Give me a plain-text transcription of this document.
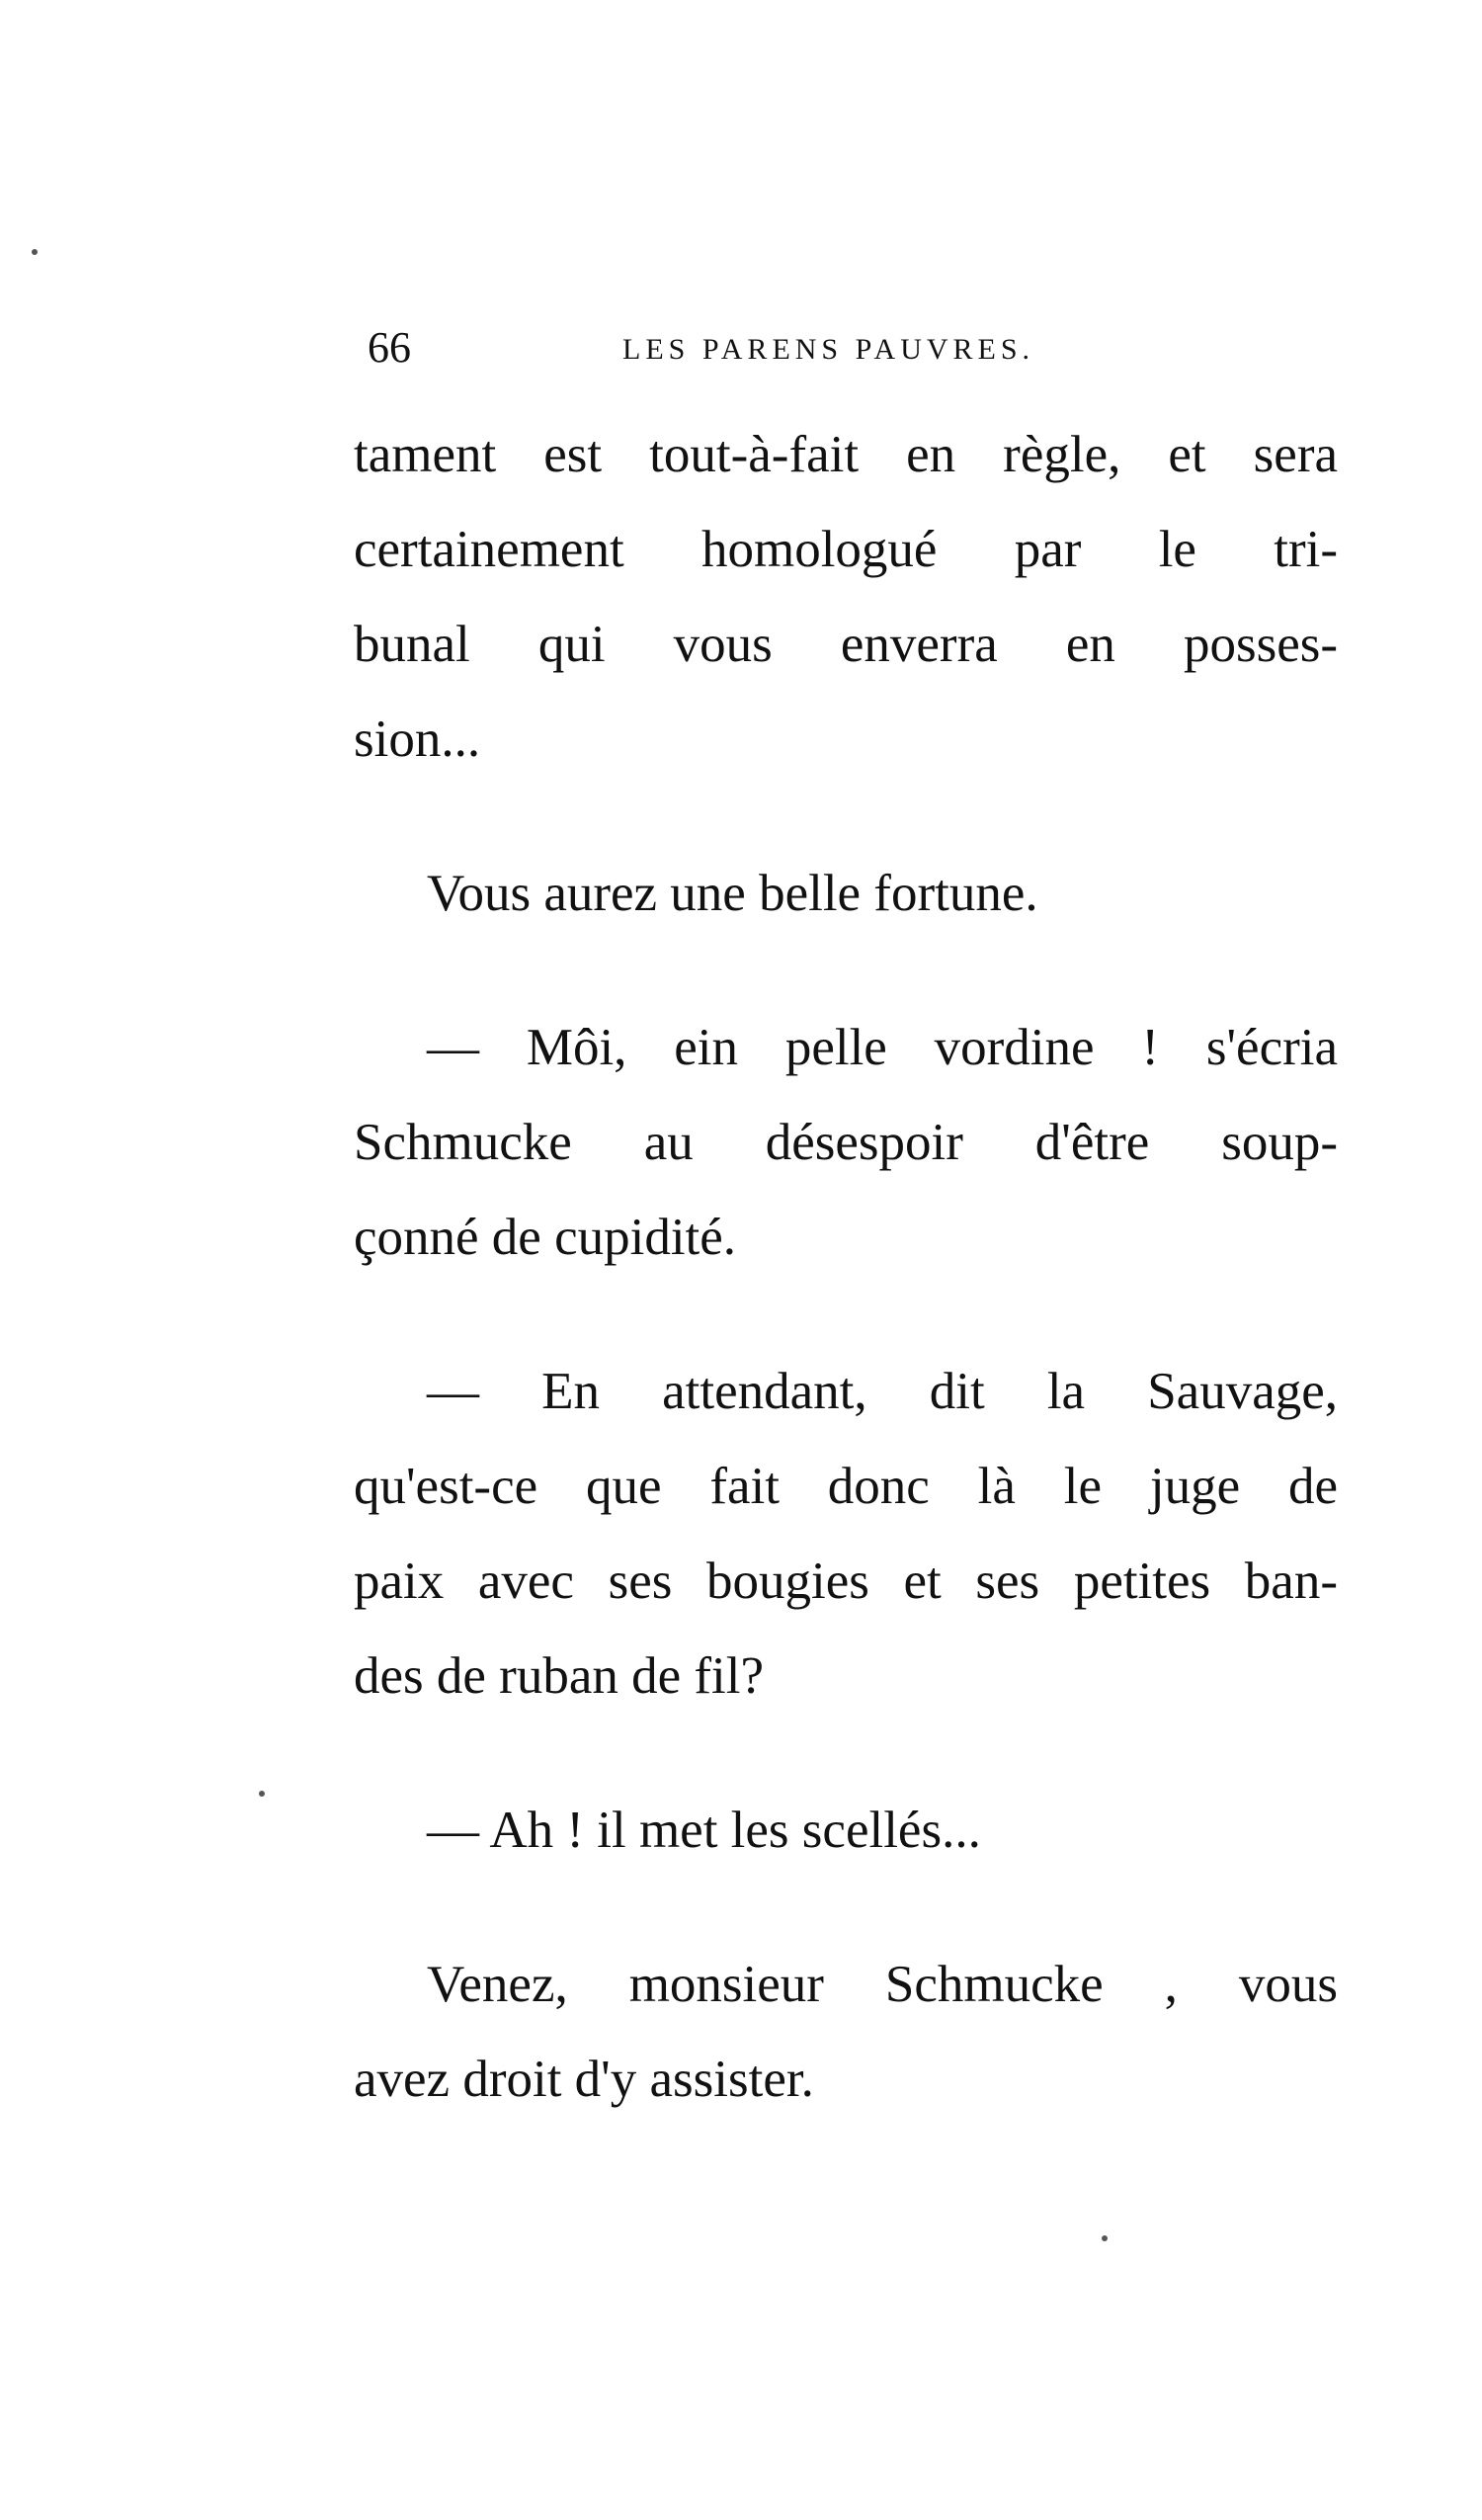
66	LES PARENS PAUVRES.
tament est tout-à-fait en règle, et sera
certainement homologué par le tri-
bunal qui vous enverra en posses-
sion...
Vous aurez une belle fortune.
— Môi, ein pelle vordine ! s'écria
Schmucke au désespoir d'être soup-
çonné de cupidité.
— En attendant, dit la Sauvage,
qu'est-ce que fait donc là le juge de
paix avec ses bougies et ses petites ban-
des de ruban de fil?
— Ah ! il met les scellés...
Venez, monsieur Schmucke , vous
avez droit d'y assister.
